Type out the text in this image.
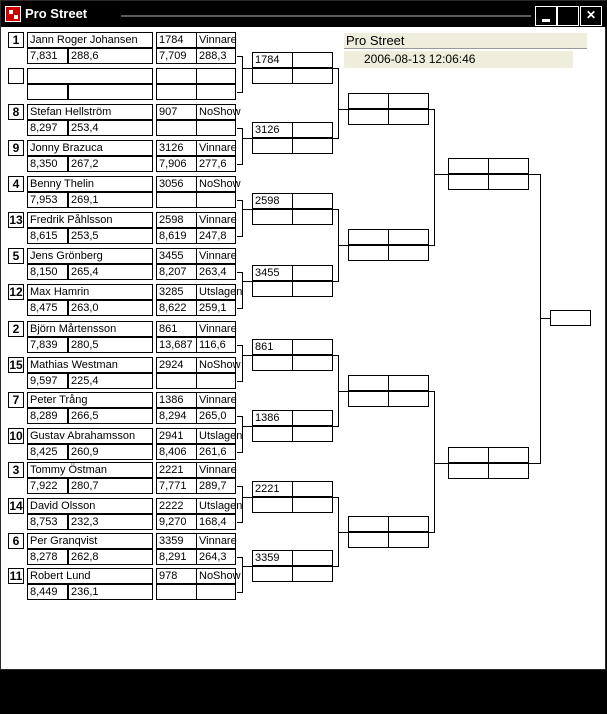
Pro Street	✕
Pro Street
2006-08-13 12:06:46
1 Jann Roger Johansen
7,831	288,6
1784	Vinnare
7,709	288,3
8 Stefan Hellström
8,297	253,4
907	NoShow
9 Jonny Brazuca
8,350	267,2
3126	Vinnare
7,906	277,6
4 Benny Thelin
7,953	269,1
3056	NoShow
13 Fredrik Påhlsson
8,615	253,5
2598	Vinnare
8,619	247,8
5 Jens Grönberg
8,150	265,4
3455	Vinnare
8,207	263,4
12 Max Hamrin
8,475	263,0
3285	Utslagen
8,622	259,1
2 Björn Mårtensson
7,839	280,5
861	Vinnare
13,687 116,6
15 Mathias Westman
9,597	225,4
2924	NoShow
7 Peter Trång
8,289	266,5
1386	Vinnare
8,294	265,0
10 Gustav Abrahamsson
8,425	260,9
2941	Utslagen
8,406	261,6
3 Tommy Östman
7,922	280,7
2221	Vinnare
7,771	289,7
14 David Olsson
8,753	232,3
2222	Utslagen
9,270	168,4
6 Per Granqvist
8,278	262,8
3359	Vinnare
8,291	264,3
11 Robert Lund
8,449	236,1
978	NoShow
1784
3126
2598
3455
861
1386
2221
3359
